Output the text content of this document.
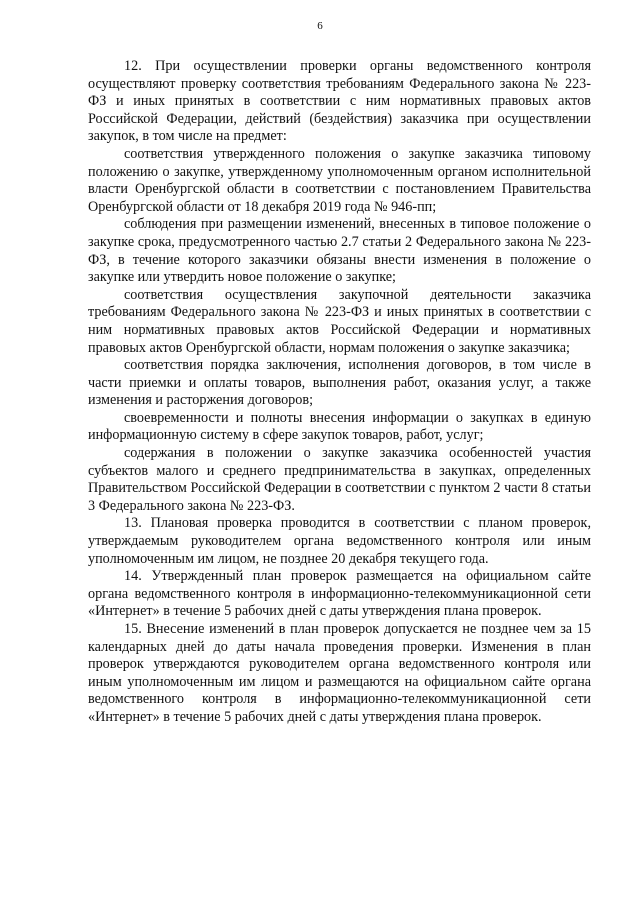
6

12. При осуществлении проверки органы ведомственного контроля осуществляют проверку соответствия требованиям Федерального закона № 223-ФЗ и иных принятых в соответствии с ним нормативных правовых актов Российской Федерации, действий (бездействия) заказчика при осуществлении закупок, в том числе на предмет:

соответствия утвержденного положения о закупке заказчика типовому положению о закупке, утвержденному уполномоченным органом исполнительной власти Оренбургской области в соответствии с постановлением Правительства Оренбургской области от 18 декабря 2019 года № 946-пп;

соблюдения при размещении изменений, внесенных в типовое положение о закупке срока, предусмотренного частью 2.7 статьи 2 Федерального закона № 223-ФЗ, в течение которого заказчики обязаны внести изменения в положение о закупке или утвердить новое положение о закупке;

соответствия осуществления закупочной деятельности заказчика требованиям Федерального закона № 223-ФЗ и иных принятых в соответствии с ним нормативных правовых актов Российской Федерации и нормативных правовых актов Оренбургской области, нормам положения о закупке заказчика;

соответствия порядка заключения, исполнения договоров, в том числе в части приемки и оплаты товаров, выполнения работ, оказания услуг, а также изменения и расторжения договоров;

своевременности и полноты внесения информации о закупках в единую информационную систему в сфере закупок товаров, работ, услуг;

содержания в положении о закупке заказчика особенностей участия субъектов малого и среднего предпринимательства в закупках, определенных Правительством Российской Федерации в соответствии с пунктом 2 части 8 статьи 3 Федерального закона № 223-ФЗ.

13. Плановая проверка проводится в соответствии с планом проверок, утверждаемым руководителем органа ведомственного контроля или иным уполномоченным им лицом, не позднее 20 декабря текущего года.

14. Утвержденный план проверок размещается на официальном сайте органа ведомственного контроля в информационно-телекоммуникационной сети «Интернет» в течение 5 рабочих дней с даты утверждения плана проверок.

15. Внесение изменений в план проверок допускается не позднее чем за 15 календарных дней до даты начала проведения проверки. Изменения в план проверок утверждаются руководителем органа ведомственного контроля или иным уполномоченным им лицом и размещаются на официальном сайте органа ведомственного контроля в информационно-телекоммуникационной сети «Интернет» в течение 5 рабочих дней с даты утверждения плана проверок.
